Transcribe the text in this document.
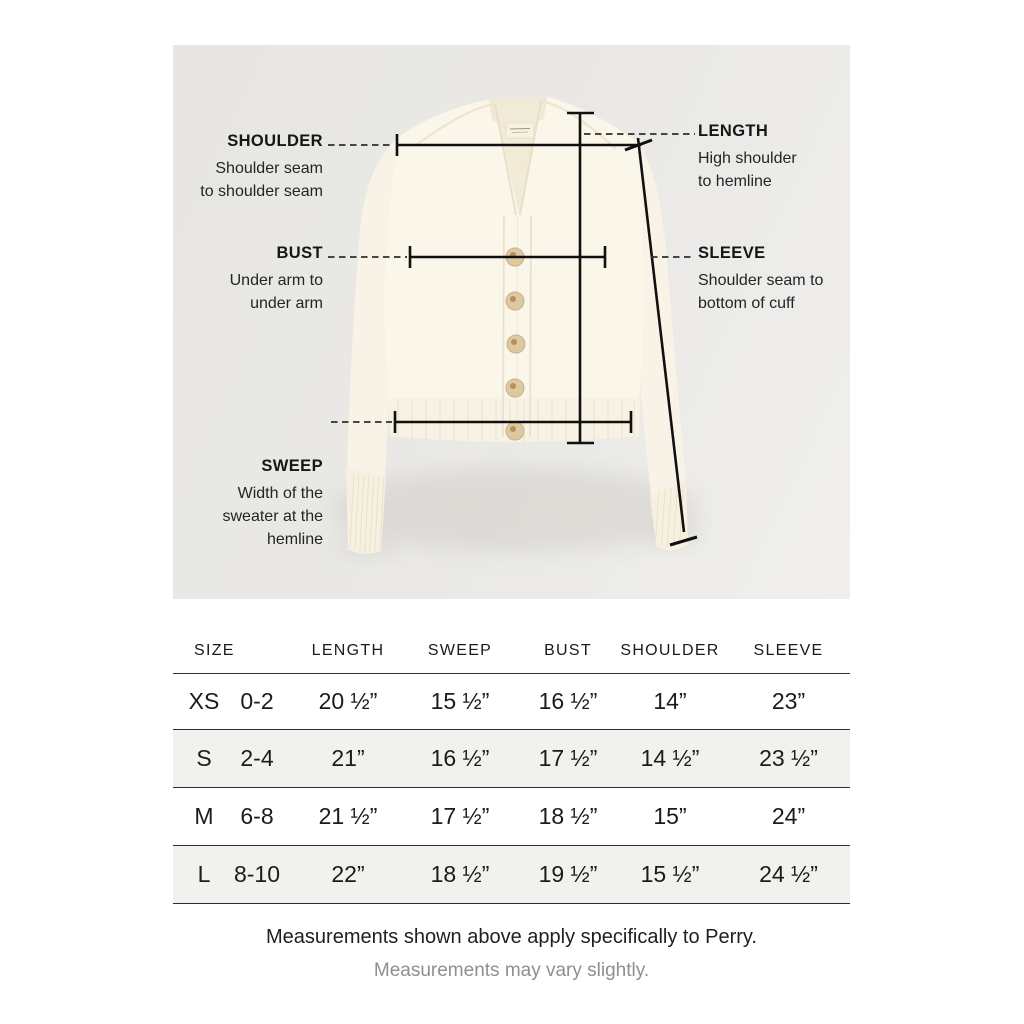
SHOULDER
Shoulder seam
to shoulder seam
LENGTH
High shoulder
to hemline
BUST
Under arm to
under arm
SLEEVE
Shoulder seam to
bottom of cuff
SWEEP
Width of the
sweater at the
hemline
SIZE	LENGTH	SWEEP	BUST	SHOULDER	SLEEVE
XS 0-2	20 ½”	15 ½”	16 ½”	14”	23”
S	2-4	21”	16 ½”	17 ½”	14 ½”	23 ½”
M	6-8	21 ½”	17 ½”	18 ½”	15”	24”
L	8-10	22”	18 ½”	19 ½”	15 ½”	24 ½”

Measurements shown above apply specifically to Perry.

Measurements may vary slightly.
